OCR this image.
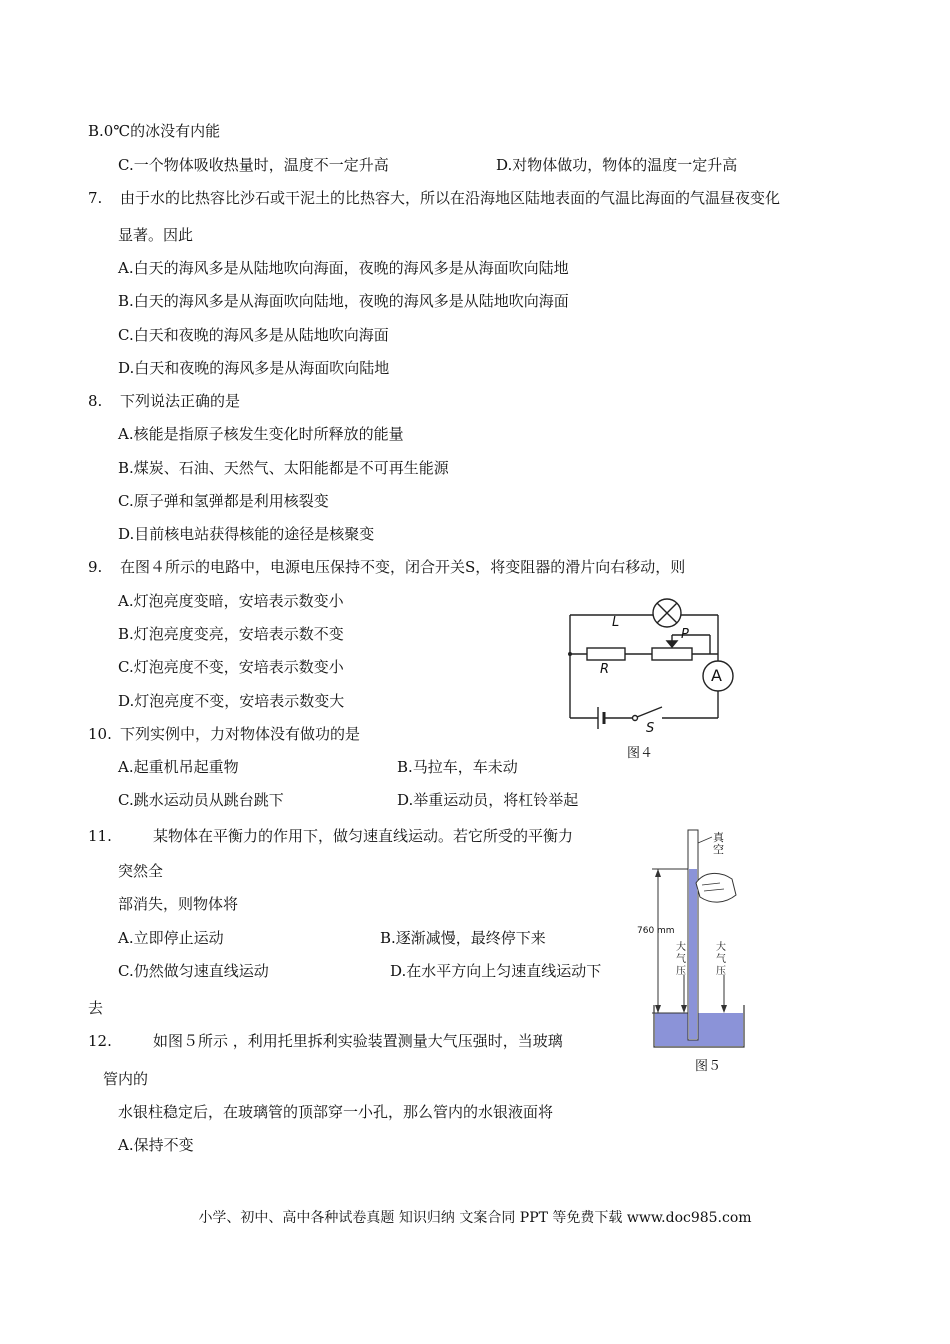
B.0℃的冰没有内能
C.一个物体吸收热量时，温度不一定升高	D.对物体做功，物体的温度一定升高
7. 由于水的比热容比沙石或干泥土的比热容大，所以在沿海地区陆地表面的气温比海面的气温昼夜变化
显著。因此
A.白天的海风多是从陆地吹向海面，夜晚的海风多是从海面吹向陆地
B.白天的海风多是从海面吹向陆地，夜晚的海风多是从陆地吹向海面
C.白天和夜晚的海风多是从陆地吹向海面
D.白天和夜晚的海风多是从海面吹向陆地
8. 下列说法正确的是
A.核能是指原子核发生变化时所释放的能量
B.煤炭、石油、天然气、太阳能都是不可再生能源
C.原子弹和氢弹都是利用核裂变
D.目前核电站获得核能的途径是核聚变
9. 在图４所示的电路中，电源电压保持不变，闭合开关S，将变阻器的滑片向右移动，则
A.灯泡亮度变暗，安培表示数变小
B.灯泡亮度变亮，安培表示数不变
C.灯泡亮度不变，安培表示数变小
D.灯泡亮度不变，安培表示数变大
10. 下列实例中，力对物体没有做功的是
A.起重机吊起重物	B.马拉车，车未动
C.跳水运动员从跳台跳下	D.举重运动员，将杠铃举起
11.	某物体在平衡力的作用下，做匀速直线运动。若它所受的平衡力
突然全
部消失，则物体将
A.立即停止运动	B.逐渐减慢，最终停下来
C.仍然做匀速直线运动	D.在水平方向上匀速直线运动下
去
12.	如图５所示 ，利用托里拆利实验装置测量大气压强时，当玻璃
管内的
水银柱稳定后，在玻璃管的顶部穿一小孔，那么管内的水银液面将
A.保持不变
L
P
R	A
S
图４
真空
760 mm
大气压
大气压
图５
小学、初中、高中各种试卷真题 知识归纳 文案合同 PPT 等免费下载 www.doc985.com
